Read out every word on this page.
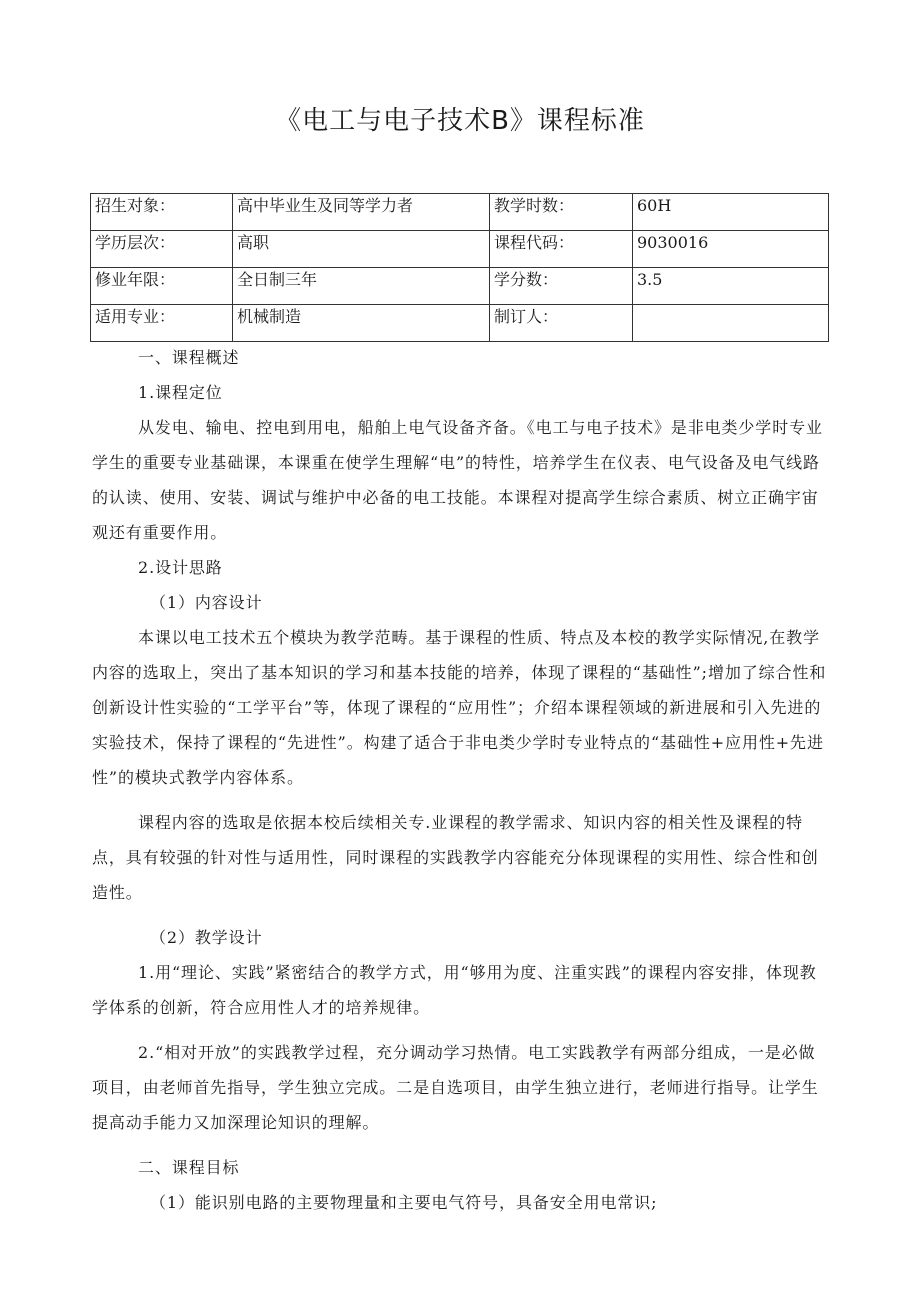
《电工与电子技术B》课程标准
招生对象：	高中毕业生及同等学力者	教学时数：	60H
学历层次：	高职	课程代码：	9030016
修业年限：	全日制三年	学分数：	3.5
适用专业：	机械制造	制订人：	

一、课程概述

1.课程定位

从发电、输电、控电到用电，船舶上电气设备齐备。《电工与电子技术》是非电类少学时专业学生的重要专业基础课，本课重在使学生理解“电”的特性，培养学生在仪表、电气设备及电气线路的认读、使用、安装、调试与维护中必备的电工技能。本课程对提高学生综合素质、树立正确宇宙观还有重要作用。

2.设计思路

（1）内容设计

本课以电工技术五个模块为教学范畴。基于课程的性质、特点及本校的教学实际情况,在教学内容的选取上，突出了基本知识的学习和基本技能的培养，体现了课程的“基础性”;增加了综合性和创新设计性实验的“工学平台”等，体现了课程的“应用性”；介绍本课程领域的新进展和引入先进的实验技术，保持了课程的“先进性”。构建了适合于非电类少学时专业特点的“基础性+应用性+先进性”的模块式教学内容体系。

课程内容的选取是依据本校后续相关专.业课程的教学需求、知识内容的相关性及课程的特点，具有较强的针对性与适用性，同时课程的实践教学内容能充分体现课程的实用性、综合性和创造性。

（2）教学设计

1.用“理论、实践”紧密结合的教学方式，用“够用为度、注重实践”的课程内容安排，体现教学体系的创新，符合应用性人才的培养规律。

2.“相对开放”的实践教学过程，充分调动学习热情。电工实践教学有两部分组成，一是必做项目，由老师首先指导，学生独立完成。二是自选项目，由学生独立进行，老师进行指导。让学生提高动手能力又加深理论知识的理解。

二、课程目标

（1）能识别电路的主要物理量和主要电气符号，具备安全用电常识;
